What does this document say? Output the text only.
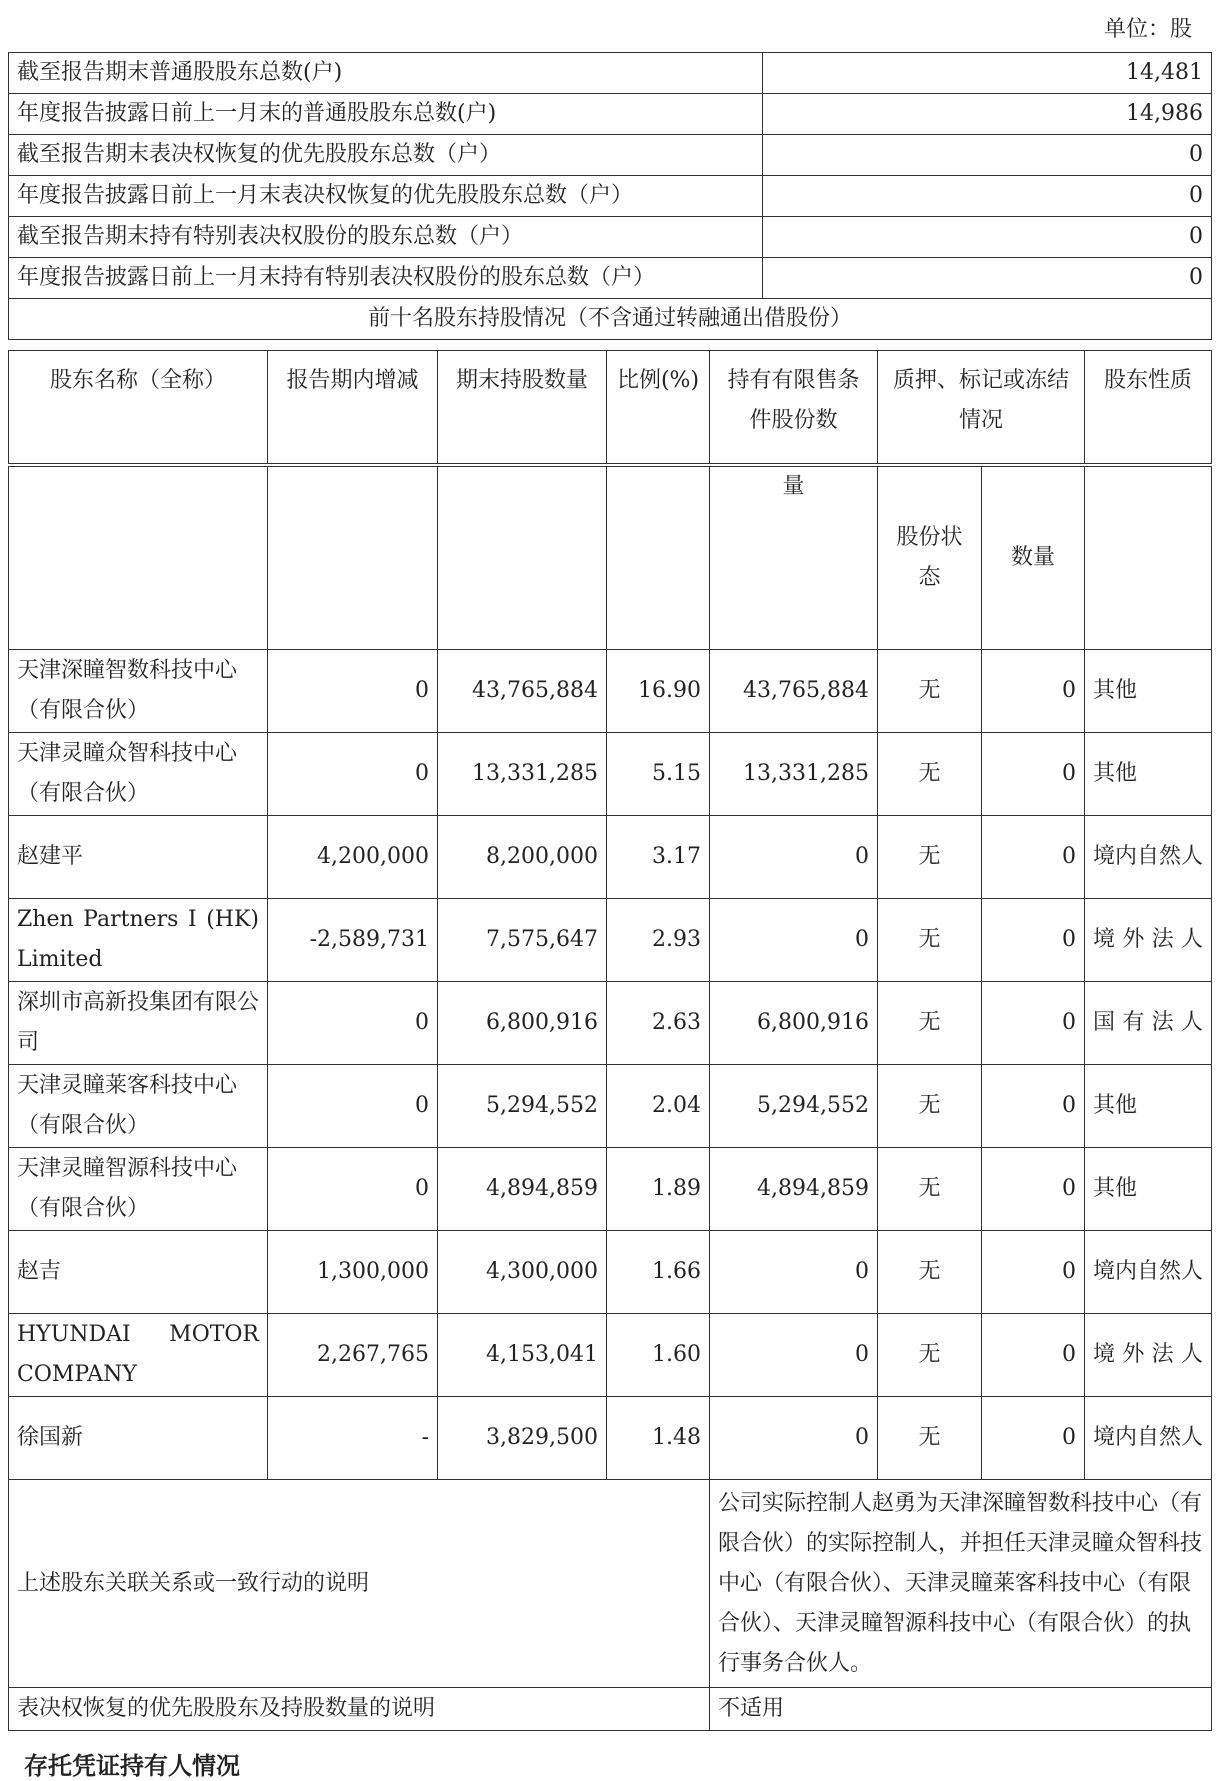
单位：股
截至报告期末普通股股东总数(户)	14,481
年度报告披露日前上一月末的普通股股东总数(户)	14,986
截至报告期末表决权恢复的优先股股东总数（户）	0
年度报告披露日前上一月末表决权恢复的优先股股东总数（户）	0
截至报告期末持有特别表决权股份的股东总数（户）	0
年度报告披露日前上一月末持有特别表决权股份的股东总数（户）	0
前十名股东持股情况（不含通过转融通出借股份）	
股东名称（全称）	报告期内增减	期末持股数量	比例(%)	持有有限售条件股份数	质押、标记或冻结情况	股东性质
				量	股份状态	数量	
天津深瞳智数科技中心（有限合伙）	0	43,765,884	16.90	43,765,884	无	0	其他
天津灵瞳众智科技中心（有限合伙）	0	13,331,285	5.15	13,331,285	无	0	其他
赵建平	4,200,000	8,200,000	3.17	0	无	0	境内自然人
Zhen Partners I (HK) Limited	-2,589,731	7,575,647	2.93	0	无	0	境外法人
深圳市高新投集团有限公司	0	6,800,916	2.63	6,800,916	无	0	国有法人
天津灵瞳莱客科技中心（有限合伙）	0	5,294,552	2.04	5,294,552	无	0	其他
天津灵瞳智源科技中心（有限合伙）	0	4,894,859	1.89	4,894,859	无	0	其他
赵吉	1,300,000	4,300,000	1.66	0	无	0	境内自然人
HYUNDAI MOTOR COMPANY	2,267,765	4,153,041	1.60	0	无	0	境外法人
徐国新	-	3,829,500	1.48	0	无	0	境内自然人
上述股东关联关系或一致行动的说明				公司实际控制人赵勇为天津深瞳智数科技中心（有限合伙）的实际控制人，并担任天津灵瞳众智科技中心（有限合伙）、天津灵瞳莱客科技中心（有限合伙）、天津灵瞳智源科技中心（有限合伙）的执行事务合伙人。			
表决权恢复的优先股股东及持股数量的说明				不适用			
存托凭证持有人情况
